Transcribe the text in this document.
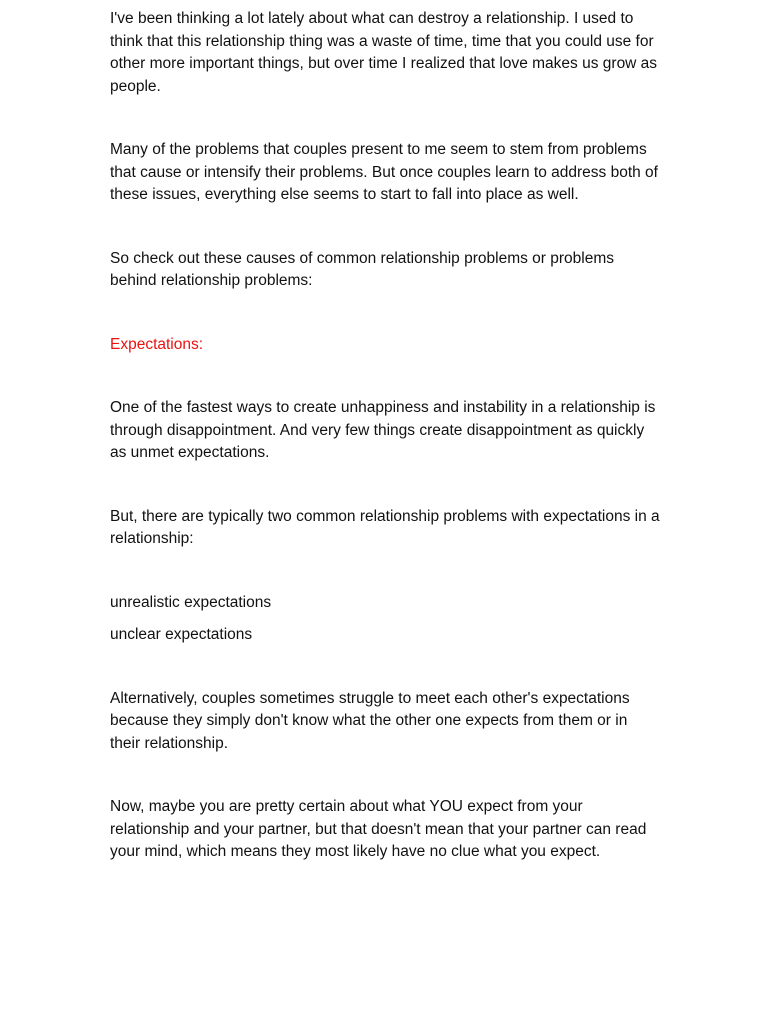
I've been thinking a lot lately about what can destroy a relationship. I used to think that this relationship thing was a waste of time, time that you could use for other more important things, but over time I realized that love makes us grow as people.

Many of the problems that couples present to me seem to stem from problems that cause or intensify their problems. But once couples learn to address both of these issues, everything else seems to start to fall into place as well.

So check out these causes of common relationship problems or problems behind relationship problems:

Expectations:

One of the fastest ways to create unhappiness and instability in a relationship is through disappointment. And very few things create disappointment as quickly as unmet expectations.

But, there are typically two common relationship problems with expectations in a relationship:

unrealistic expectations

unclear expectations

Alternatively, couples sometimes struggle to meet each other's expectations because they simply don't know what the other one expects from them or in their relationship.

Now, maybe you are pretty certain about what YOU expect from your relationship and your partner, but that doesn't mean that your partner can read your mind, which means they most likely have no clue what you expect.
